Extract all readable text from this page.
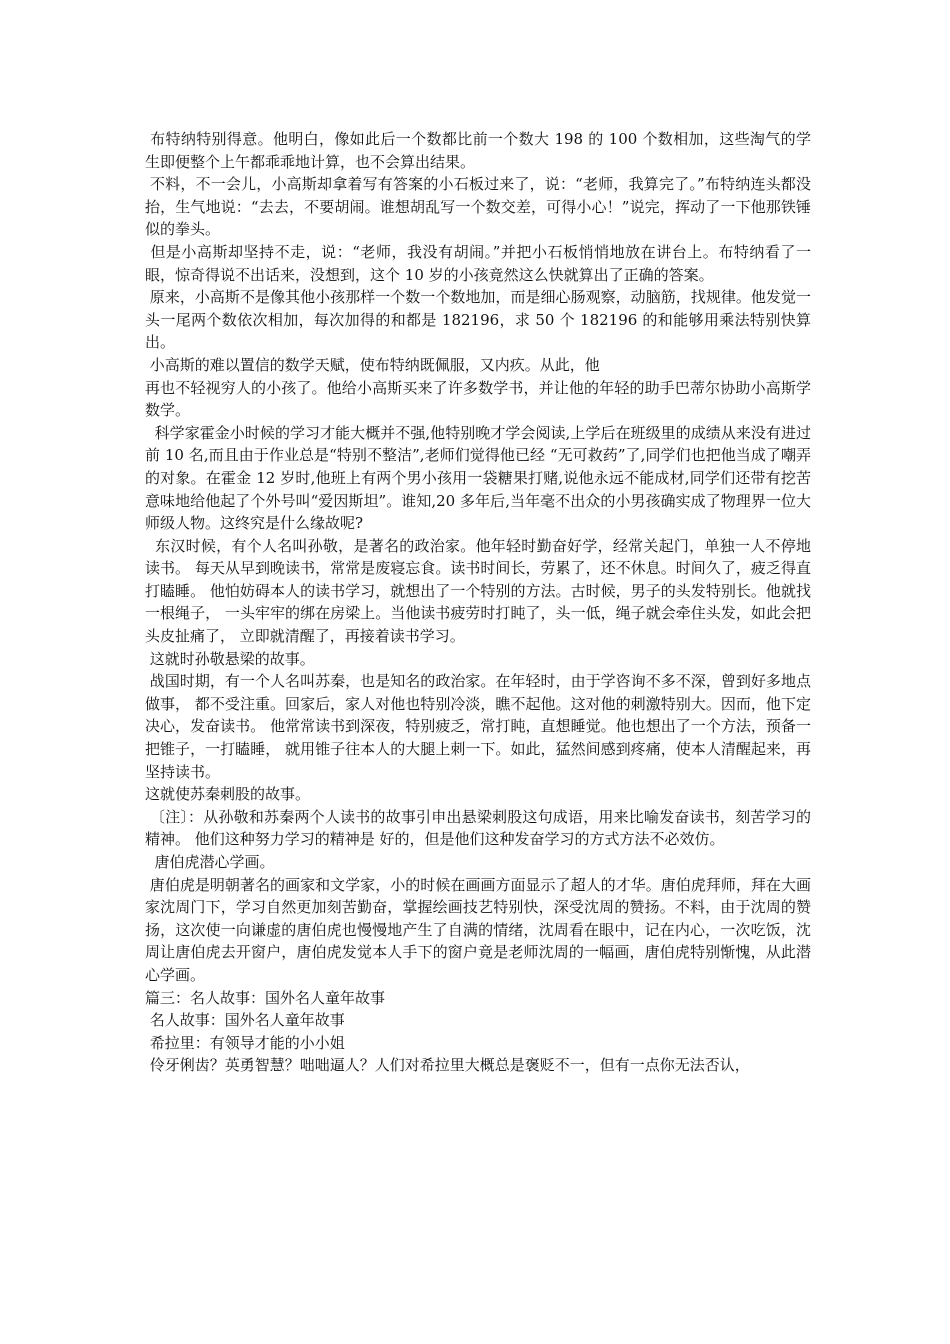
布特纳特别得意。他明白，像如此后一个数都比前一个数大 198 的 100 个数相加，这些淘气的学生即便整个上午都乖乖地计算，也不会算出结果。

不料，不一会儿，小高斯却拿着写有答案的小石板过来了，说：“老师，我算完了。”布特纳连头都没抬，生气地说：“去去，不要胡闹。谁想胡乱写一个数交差，可得小心！”说完，挥动了一下他那铁锤似的拳头。

但是小高斯却坚持不走，说：“老师，我没有胡闹。”并把小石板悄悄地放在讲台上。布特纳看了一眼，惊奇得说不出话来，没想到，这个 10 岁的小孩竟然这么快就算出了正确的答案。

原来，小高斯不是像其他小孩那样一个数一个数地加，而是细心肠观察，动脑筋，找规律。他发觉一头一尾两个数依次相加，每次加得的和都是 182196，求 50 个 182196 的和能够用乘法特别快算出。

小高斯的难以置信的数学天赋，使布特纳既佩服，又内疚。从此，他

再也不轻视穷人的小孩了。他给小高斯买来了许多数学书，并让他的年轻的助手巴蒂尔协助小高斯学数学。

科学家霍金小时候的学习才能大概并不强,他特别晚才学会阅读,上学后在班级里的成绩从来没有进过前 10 名,而且由于作业总是“特别不整洁”,老师们觉得他已经 “无可救药”了,同学们也把他当成了嘲弄的对象。在霍金 12 岁时,他班上有两个男小孩用一袋糖果打赌,说他永远不能成材,同学们还带有挖苦意味地给他起了个外号叫“爱因斯坦”。谁知,20 多年后,当年毫不出众的小男孩确实成了物理界一位大师级人物。这终究是什么缘故呢?

东汉时候，有个人名叫孙敬，是著名的政治家。他年轻时勤奋好学，经常关起门，单独一人不停地读书。 每天从早到晚读书，常常是废寝忘食。读书时间长，劳累了，还不休息。时间久了，疲乏得直打瞌睡。 他怕妨碍本人的读书学习，就想出了一个特别的方法。古时候，男子的头发特别长。他就找一根绳子， 一头牢牢的绑在房梁上。当他读书疲劳时打盹了，头一低，绳子就会牵住头发，如此会把头皮扯痛了， 立即就清醒了，再接着读书学习。

这就时孙敬悬梁的故事。

战国时期，有一个人名叫苏秦，也是知名的政治家。在年轻时，由于学咨询不多不深，曾到好多地点做事， 都不受注重。回家后，家人对他也特别冷淡，瞧不起他。这对他的刺激特别大。因而，他下定决心，发奋读书。 他常常读书到深夜，特别疲乏，常打盹，直想睡觉。他也想出了一个方法，预备一把锥子，一打瞌睡， 就用锥子往本人的大腿上刺一下。如此，猛然间感到疼痛，使本人清醒起来，再坚持读书。

这就使苏秦刺股的故事。

〔注〕：从孙敬和苏秦两个人读书的故事引申出悬梁刺股这句成语，用来比喻发奋读书，刻苦学习的精神。 他们这种努力学习的精神是 好的，但是他们这种发奋学习的方式方法不必效仿。

唐伯虎潜心学画。

唐伯虎是明朝著名的画家和文学家，小的时候在画画方面显示了超人的才华。唐伯虎拜师，拜在大画家沈周门下，学习自然更加刻苦勤奋，掌握绘画技艺特别快，深受沈周的赞扬。不料，由于沈周的赞扬，这次使一向谦虚的唐伯虎也慢慢地产生了自满的情绪，沈周看在眼中，记在内心，一次吃饭，沈周让唐伯虎去开窗户，唐伯虎发觉本人手下的窗户竟是老师沈周的一幅画，唐伯虎特别惭愧，从此潜心学画。

篇三：名人故事：国外名人童年故事

名人故事：国外名人童年故事

希拉里：有领导才能的小小姐

伶牙俐齿？英勇智慧？咄咄逼人？人们对希拉里大概总是褒贬不一，但有一点你无法否认，
